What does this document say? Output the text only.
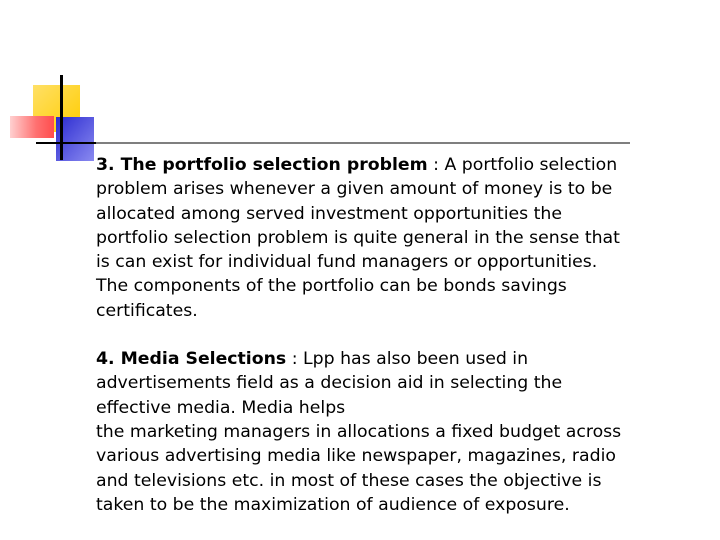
3. The portfolio selection problem : A portfolio selection
problem arises whenever a given amount of money is to be
allocated among served investment opportunities the
portfolio selection problem is quite general in the sense that
is can exist for individual fund managers or opportunities.
The components of the portfolio can be bonds savings
certificates.

4. Media Selections : Lpp has also been used in
advertisements field as a decision aid in selecting the
effective media. Media helps
the marketing managers in allocations a fixed budget across
various advertising media like newspaper, magazines, radio
and televisions etc. in most of these cases the objective is
taken to be the maximization of audience of exposure.
